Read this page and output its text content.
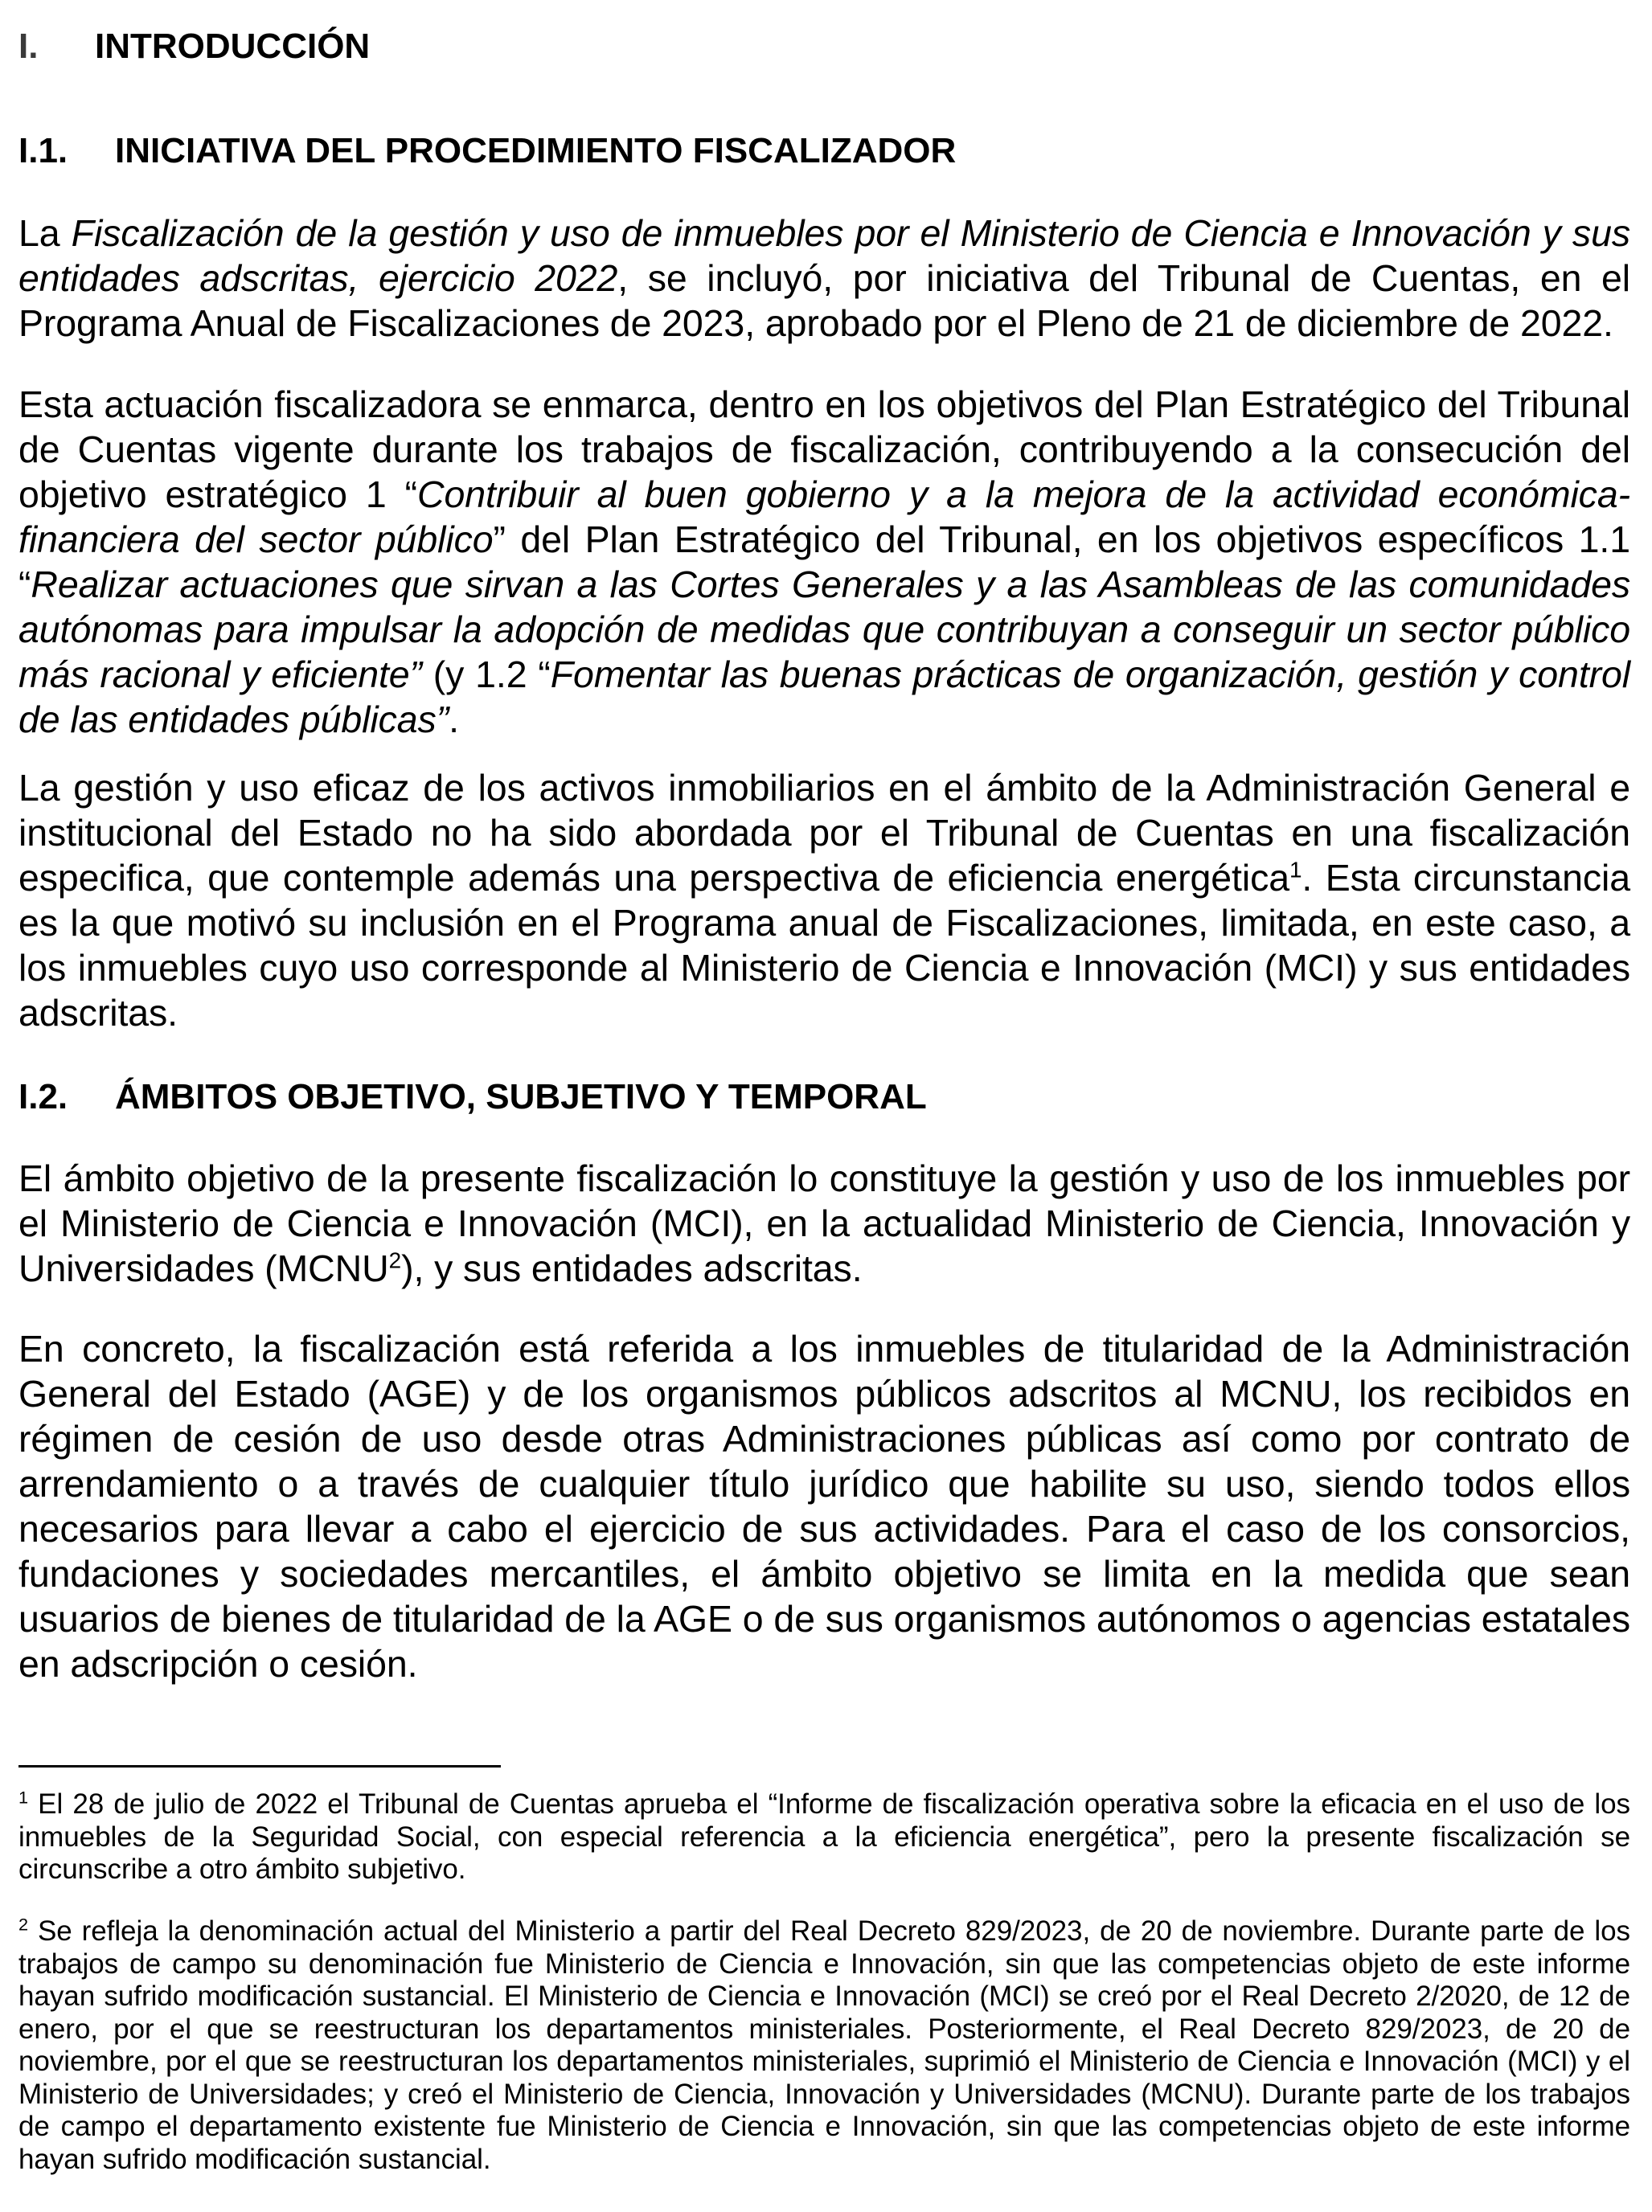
I. INTRODUCCIÓN
I.1. INICIATIVA DEL PROCEDIMIENTO FISCALIZADOR

La Fiscalización de la gestión y uso de inmuebles por el Ministerio de Ciencia e Innovación y sus entidades adscritas, ejercicio 2022, se incluyó, por iniciativa del Tribunal de Cuentas, en el Programa Anual de Fiscalizaciones de 2023, aprobado por el Pleno de 21 de diciembre de 2022.

Esta actuación fiscalizadora se enmarca, dentro en los objetivos del Plan Estratégico del Tribunal de Cuentas vigente durante los trabajos de fiscalización, contribuyendo a la consecución del objetivo estratégico 1 “Contribuir al buen gobierno y a la mejora de la actividad económica-financiera del sector público” del Plan Estratégico del Tribunal, en los objetivos específicos 1.1 “Realizar actuaciones que sirvan a las Cortes Generales y a las Asambleas de las comunidades autónomas para impulsar la adopción de medidas que contribuyan a conseguir un sector público más racional y eficiente” (y 1.2 “Fomentar las buenas prácticas de organización, gestión y control de las entidades públicas”.

La gestión y uso eficaz de los activos inmobiliarios en el ámbito de la Administración General e institucional del Estado no ha sido abordada por el Tribunal de Cuentas en una fiscalización especifica, que contemple además una perspectiva de eficiencia energética$^1$. Esta circunstancia es la que motivó su inclusión en el Programa anual de Fiscalizaciones, limitada, en este caso, a los inmuebles cuyo uso corresponde al Ministerio de Ciencia e Innovación (MCI) y sus entidades adscritas.

I.2. ÁMBITOS OBJETIVO, SUBJETIVO Y TEMPORAL

El ámbito objetivo de la presente fiscalización lo constituye la gestión y uso de los inmuebles por el Ministerio de Ciencia e Innovación (MCI), en la actualidad Ministerio de Ciencia, Innovación y Universidades (MCNU$^2$), y sus entidades adscritas.

En concreto, la fiscalización está referida a los inmuebles de titularidad de la Administración General del Estado (AGE) y de los organismos públicos adscritos al MCNU, los recibidos en régimen de cesión de uso desde otras Administraciones públicas así como por contrato de arrendamiento o a través de cualquier título jurídico que habilite su uso, siendo todos ellos necesarios para llevar a cabo el ejercicio de sus actividades. Para el caso de los consorcios, fundaciones y sociedades mercantiles, el ámbito objetivo se limita en la medida que sean usuarios de bienes de titularidad de la AGE o de sus organismos autónomos o agencias estatales en adscripción o cesión.

$^1$ El 28 de julio de 2022 el Tribunal de Cuentas aprueba el “Informe de fiscalización operativa sobre la eficacia en el uso de los inmuebles de la Seguridad Social, con especial referencia a la eficiencia energética”, pero la presente fiscalización se circunscribe a otro ámbito subjetivo.

$^2$ Se refleja la denominación actual del Ministerio a partir del Real Decreto 829/2023, de 20 de noviembre. Durante parte de los trabajos de campo su denominación fue Ministerio de Ciencia e Innovación, sin que las competencias objeto de este informe hayan sufrido modificación sustancial. El Ministerio de Ciencia e Innovación (MCI) se creó por el Real Decreto 2/2020, de 12 de enero, por el que se reestructuran los departamentos ministeriales. Posteriormente, el Real Decreto 829/2023, de 20 de noviembre, por el que se reestructuran los departamentos ministeriales, suprimió el Ministerio de Ciencia e Innovación (MCI) y el Ministerio de Universidades; y creó el Ministerio de Ciencia, Innovación y Universidades (MCNU). Durante parte de los trabajos de campo el departamento existente fue Ministerio de Ciencia e Innovación, sin que las competencias objeto de este informe hayan sufrido modificación sustancial.
